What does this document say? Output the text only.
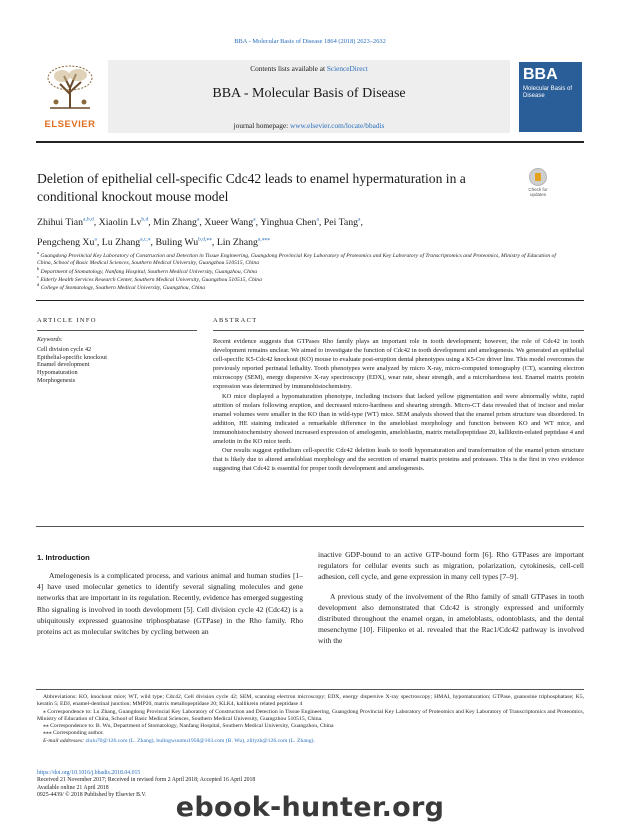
BBA - Molecular Basis of Disease 1864 (2018) 2623–2632
ELSEVIER
Contents lists available at ScienceDirect
BBA - Molecular Basis of Disease
journal homepage: www.elsevier.com/locate/bbadis
BBA
Molecular Basis of Disease
Deletion of epithelial cell-specific Cdc42 leads to enamel hypermaturation in a conditional knockout mouse model	Check for updates
Zhihui Tian$^{a,b,d}$, Xiaolin Lv$^{b,d}$, Min Zhang$^a$, Xueer Wang$^a$, Yinghua Chen$^a$, Pei Tang$^a$,
Pengcheng Xu$^a$, Lu Zhang$^{a,c,⁎}$, Buling $Wu^{b,d,⁎⁎}$, Lin Zhang$^{a,⁎⁎⁎}$
$^a$ Guangdong Provincial Key Laboratory of Construction and Detection in Tissue Engineering, Guangdong Provincial Key Laboratory of Proteomics and Key Laboratory of Transcriptomics and Proteomics, Ministry of Education of China, School of Basic Medical Sciences, Southern Medical University, Guangzhou 510515, China
$^b$ Department of Stomatology, Nanfang Hospital, Southern Medical University, Guangzhou, China
$^c$ Elderly Health Services Research Center, Southern Medical University, Guangzhou 510515, China
$^d$ College of Stomatology, Southern Medical University, Guangzhou, China
ARTICLE INFO
Keywords:
Cell division cycle 42
Epithelial-specific knockout
Enamel development
Hypomaturation
Morphogenesis
ABSTRACT

Recent evidence suggests that GTPases Rho family plays an important role in tooth development; however, the role of Cdc42 in tooth development remains unclear. We aimed to investigate the function of Cdc42 in tooth development and amelogenesis. We generated an epithelial cell-specific K5-Cdc42 knockout (KO) mouse to evaluate post-eruption dental phenotypes using a K5-Cre driver line. This model overcomes the previously reported perinatal lethality. Tooth phenotypes were analyzed by micro X-ray, micro-computed tomography (CT), scanning electron microscopy (SEM), energy dispersive X-ray spectroscopy (EDX), wear rate, shear strength, and a microhardness test. Enamel matrix protein expression was determined by immunohistochemistry.

KO mice displayed a hypomaturation phenotype, including incisors that lacked yellow pigmentation and were abnormally white, rapid attrition of molars following eruption, and decreased micro-hardness and shearing strength. Micro-CT data revealed that of incisor and molar enamel volumes were smaller in the KO than in wild-type (WT) mice. SEM analysis showed that the enamel prism structure was disordered. In addition, HE staining indicated a remarkable difference in the ameloblast morphology and function between KO and WT mice, and immunohistochemistry showed increased expression of amelogenin, ameloblastin, matrix metallopeptidase 20, kallikrein-related peptidase 4 and amelotin in the KO mice teeth.

Our results suggest epithelium cell-specific Cdc42 deletion leads to tooth hypomaturation and transformation of the enamel prism structure that is likely due to altered ameloblast morphology and the secretion of enamel matrix proteins and proteases. This is the first in vivo evidence suggesting that Cdc42 is essential for proper tooth development and amelogenesis.

1. Introduction

Amelogenesis is a complicated process, and various animal and human studies [1–4] have used molecular genetics to identify several signaling molecules and gene networks that are important in its regulation. Recently, evidence has emerged suggesting Rho signaling is involved in tooth development [5]. Cell division cycle 42 (Cdc42) is a ubiquitously expressed guanosine triphosphatase (GTPase) in the Rho family. Rho proteins act as molecular switches by cycling between an

inactive GDP-bound to an active GTP-bound form [6]. Rho GTPases are important regulators for cellular events such as migration, polarization, cytokinesis, cell-cell adhesion, cell cycle, and gene expression in many cell types [7–9].

A previous study of the involvement of the Rho family of small GTPases in tooth development also demonstrated that Cdc42 is strongly expressed and uniformly distributed throughout the enamel organ, in ameloblasts, odontoblasts, and the dental mesenchyme [10]. Filipenko et al. revealed that the Rac1/Cdc42 pathway is involved with the

Abbreviations: KO, knockout mice; WT, wild type; Cdc42, Cell division cycle 42; SEM, scanning electron microscopy; EDX, energy dispersive X-ray spectroscopy; HMAI, hypomaturation; GTPase, guanosine triphosphatase; K5, keratin 5; EDJ, enamel-dentinal junction; MMP20, matrix metallopeptidase 20; KLK4, kallikrein related peptidase 4

⁎ Correspondence to: Lu Zhang, Guangdong Provincial Key Laboratory of Construction and Detection in Tissue Engineering, Guangdong Provincial Key Laboratory of Proteomics and Key Laboratory of Transcriptomics and Proteomics, Ministry of Education of China, School of Basic Medical Sciences, Southern Medical University, Guangzhou 510515, China.

⁎⁎ Correspondence to: B. Wu, Department of Stomatology, Nanfang Hospital, Southern Medical University, Guangzhou, China

⁎⁎⁎ Corresponding author.

E-mail addresses: zlulu70@126.com (L. Zhang), bulingwuumu1958@163.com (B. Wu), zlilyzh@126.com (L. Zhang).

https://doi.org/10.1016/j.bbadis.2018.04.015
Received 21 November 2017; Received in revised form 2 April 2018; Accepted 16 April 2018
Available online 21 April 2018
0925-4439/ © 2018 Published by Elsevier B.V.	ebook-hunter.org
